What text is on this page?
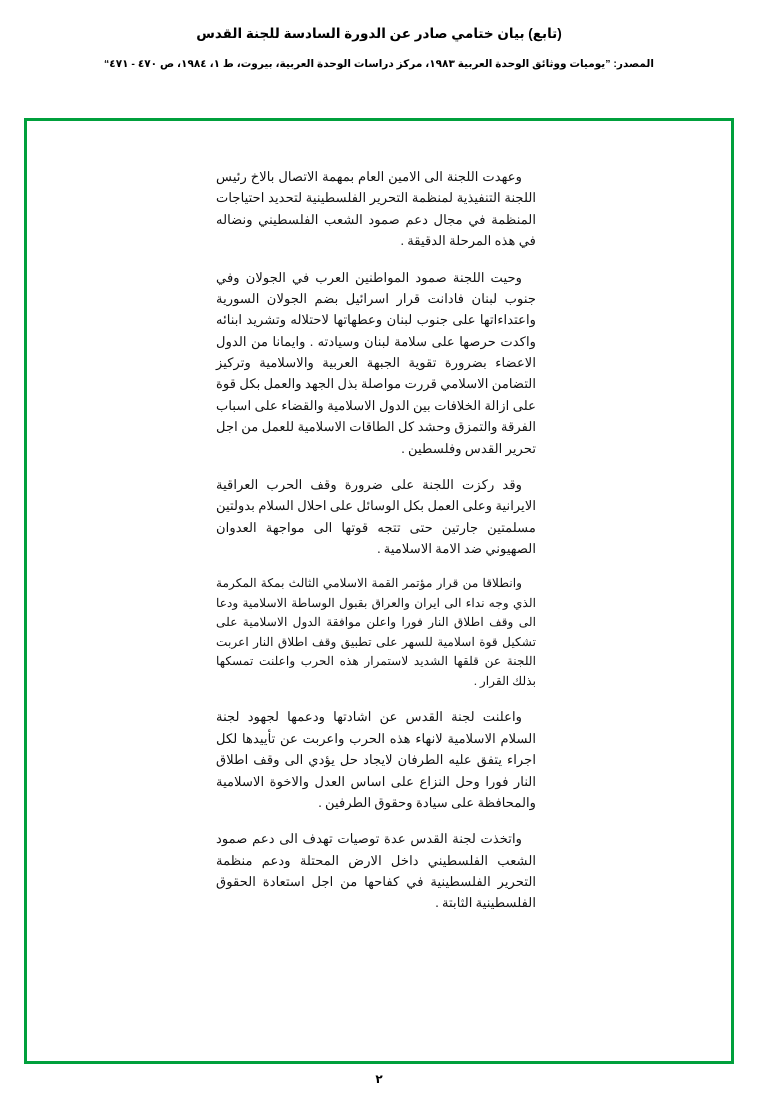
(تابع) بيان ختامي صادر عن الدورة السادسة للجنة القدس
المصدر: ”يوميات ووثائق الوحدة العربية ١٩٨٣، مركز دراسات الوحدة العربية، بيروت، ط ١، ١٩٨٤، ص ٤٧٠ - ٤٧١“

وعهدت اللجنة الى الامين العام بمهمة الاتصال بالاخ رئيس اللجنة التنفيذية لمنظمة التحرير الفلسطينية لتحديد احتياجات المنظمة في مجال دعم صمود الشعب الفلسطيني ونضاله في هذه المرحلة الدقيقة .

وحيت اللجنة صمود المواطنين العرب في الجولان وفي جنوب لبنان فادانت قرار اسرائيل بضم الجولان السورية واعتداءاتها على جنوب لبنان وعطهاتها لاحتلاله وتشريد ابنائه واكدت حرصها على سلامة لبنان وسيادته . وايمانا من الدول الاعضاء بضرورة تقوية الجبهة العربية والاسلامية وتركيز التضامن الاسلامي قررت مواصلة بذل الجهد والعمل بكل قوة على ازالة الخلافات بين الدول الاسلامية والقضاء على اسباب الفرقة والتمزق وحشد كل الطاقات الاسلامية للعمل من اجل تحرير القدس وفلسطين .

وقد ركزت اللجنة على ضرورة وقف الحرب العراقية الايرانية وعلى العمل بكل الوسائل على احلال السلام بدولتين مسلمتين جارتين حتى تتجه قوتها الى مواجهة العدوان الصهيوني ضد الامة الاسلامية .

وانطلاقا من قرار مؤتمر القمة الاسلامي الثالث بمكة المكرمة الذي وجه نداء الى ايران والعراق بقبول الوساطة الاسلامية ودعا الى وقف اطلاق النار فورا واعلن موافقة الدول الاسلامية على تشكيل قوة اسلامية للسهر على تطبيق وقف اطلاق النار اعربت اللجنة عن قلقها الشديد لاستمرار هذه الحرب واعلنت تمسكها بذلك القرار .

واعلنت لجنة القدس عن اشادتها ودعمها لجهود لجنة السلام الاسلامية لانهاء هذه الحرب واعربت عن تأييدها لكل اجراء يتفق عليه الطرفان لايجاد حل يؤدي الى وقف اطلاق النار فورا وحل النزاع على اساس العدل والاخوة الاسلامية والمحافظة على سيادة وحقوق الطرفين .

واتخذت لجنة القدس عدة توصيات تهدف الى دعم صمود الشعب الفلسطيني داخل الارض المحتلة ودعم منظمة التحرير الفلسطينية في كفاحها من اجل استعادة الحقوق الفلسطينية الثابتة .

٢
